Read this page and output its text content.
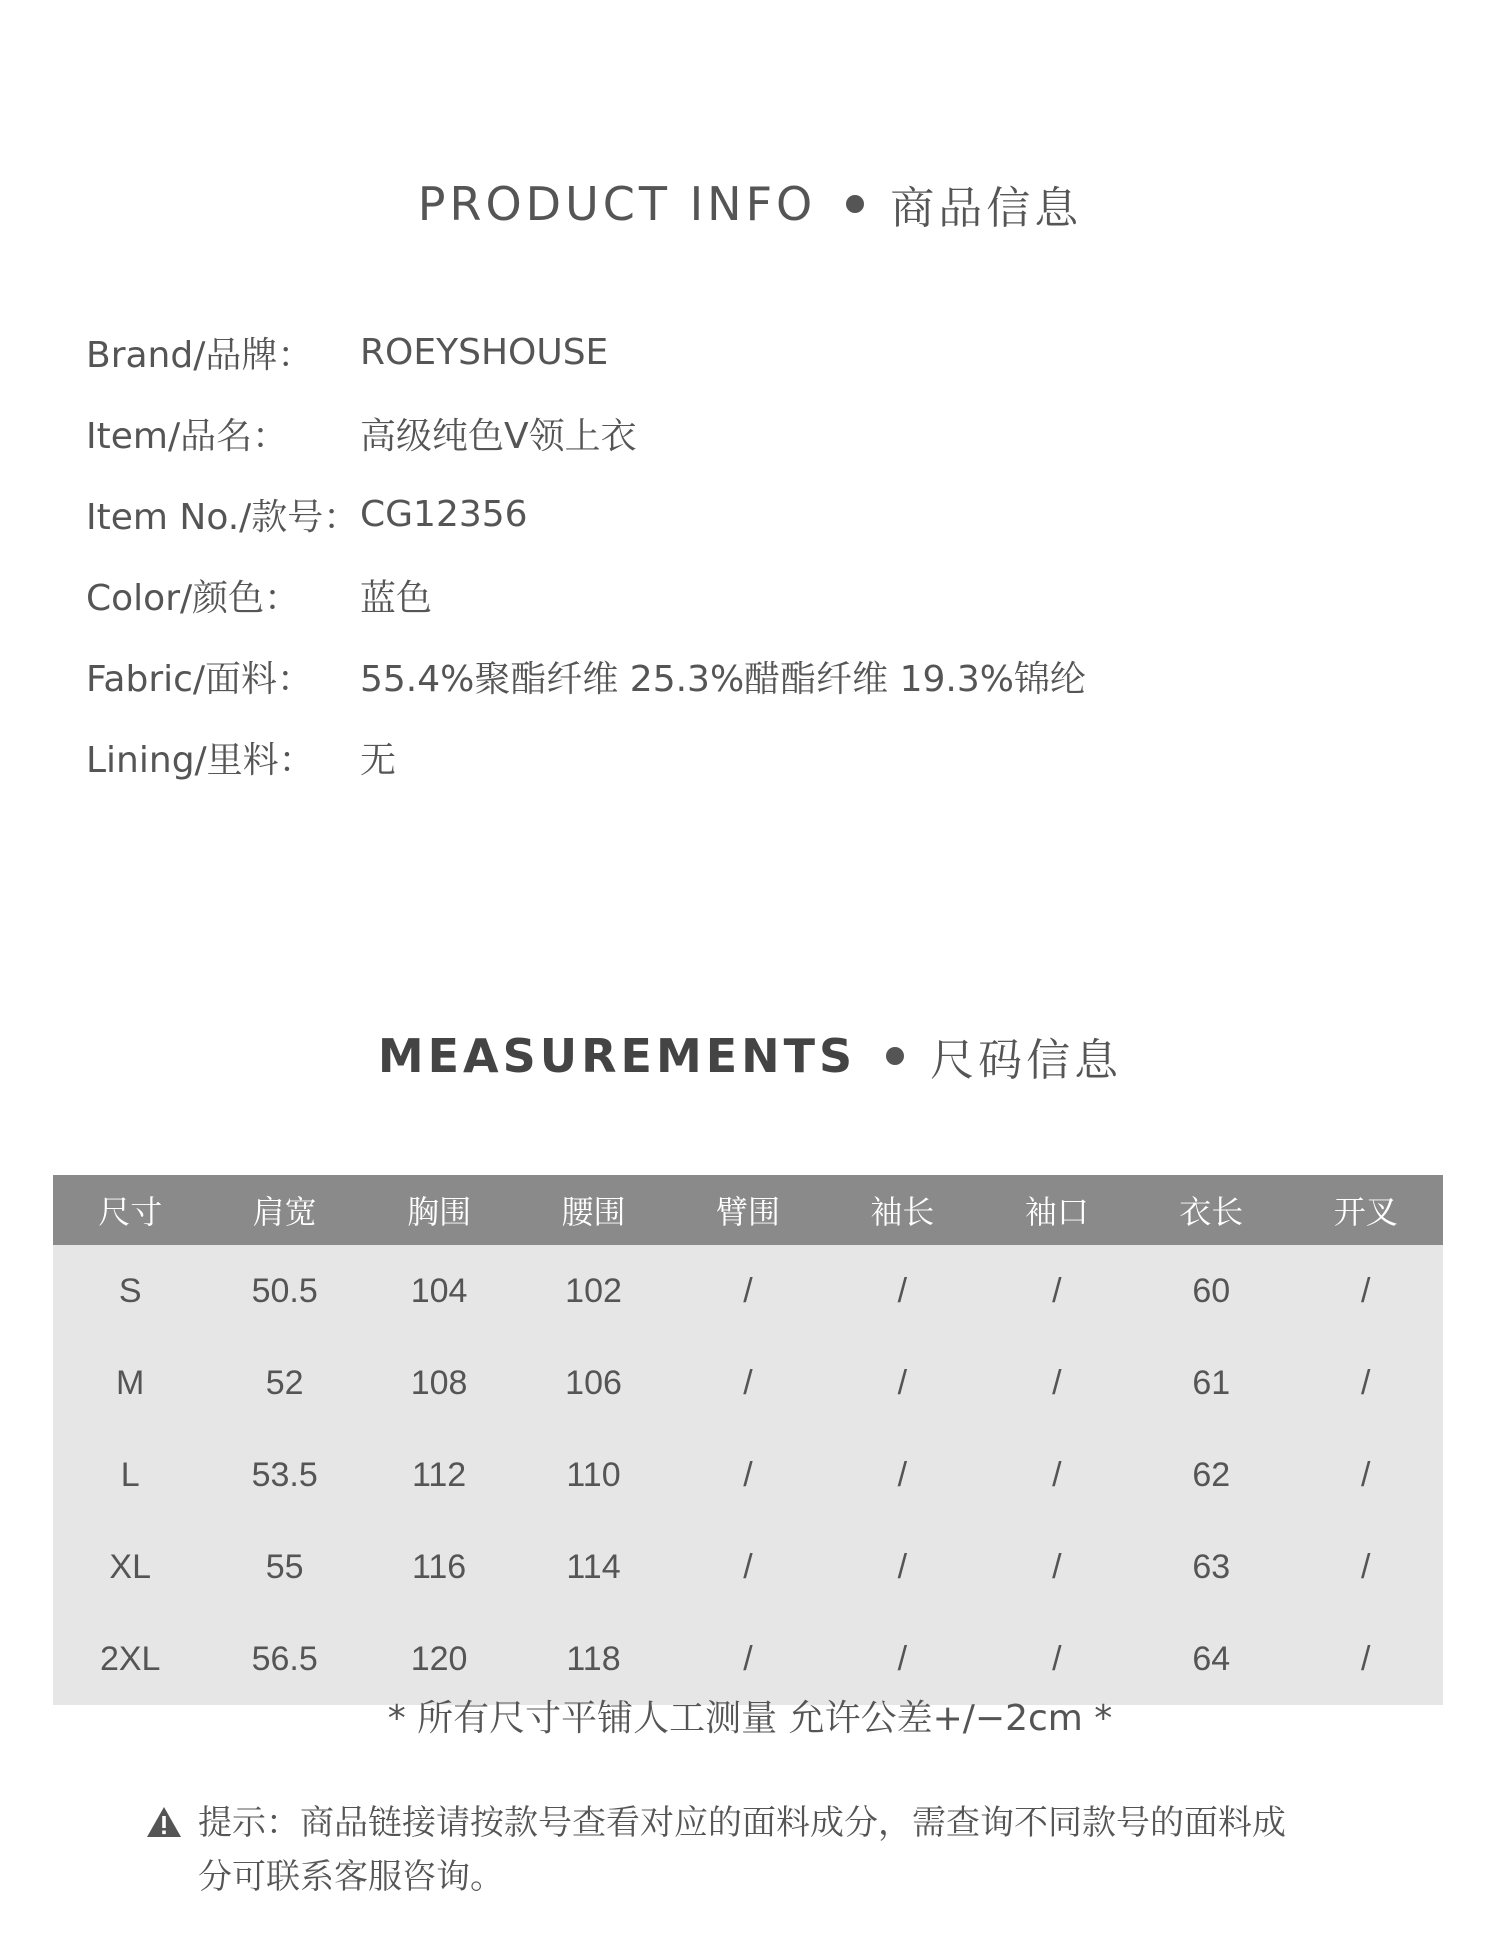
PRODUCT INFO 商品信息
Brand/品牌：	ROEYSHOUSE
Item/品名：	高级纯色V领上衣
Item No./款号： CG12356
Color/颜色：	蓝色
Fabric/面料：	55.4%聚酯纤维 25.3%醋酯纤维 19.3%锦纶
Lining/里料：	无
MEASUREMENTS 尺码信息
尺寸	肩宽	胸围	腰围	臂围	袖长	袖口	衣长	开叉
S	50.5	104	102	/	/	/	60	/
M	52	108	106	/	/	/	61	/
L	53.5	112	110	/	/	/	62	/
XL	55	116	114	/	/	/	63	/
2XL	56.5	120	118	/	/	/	64	/
* 所有尺寸平铺人工测量 允许公差+/−2cm *
提示：商品链接请按款号查看对应的面料成分，需查询不同款号的面料成分可联系客服咨询。
